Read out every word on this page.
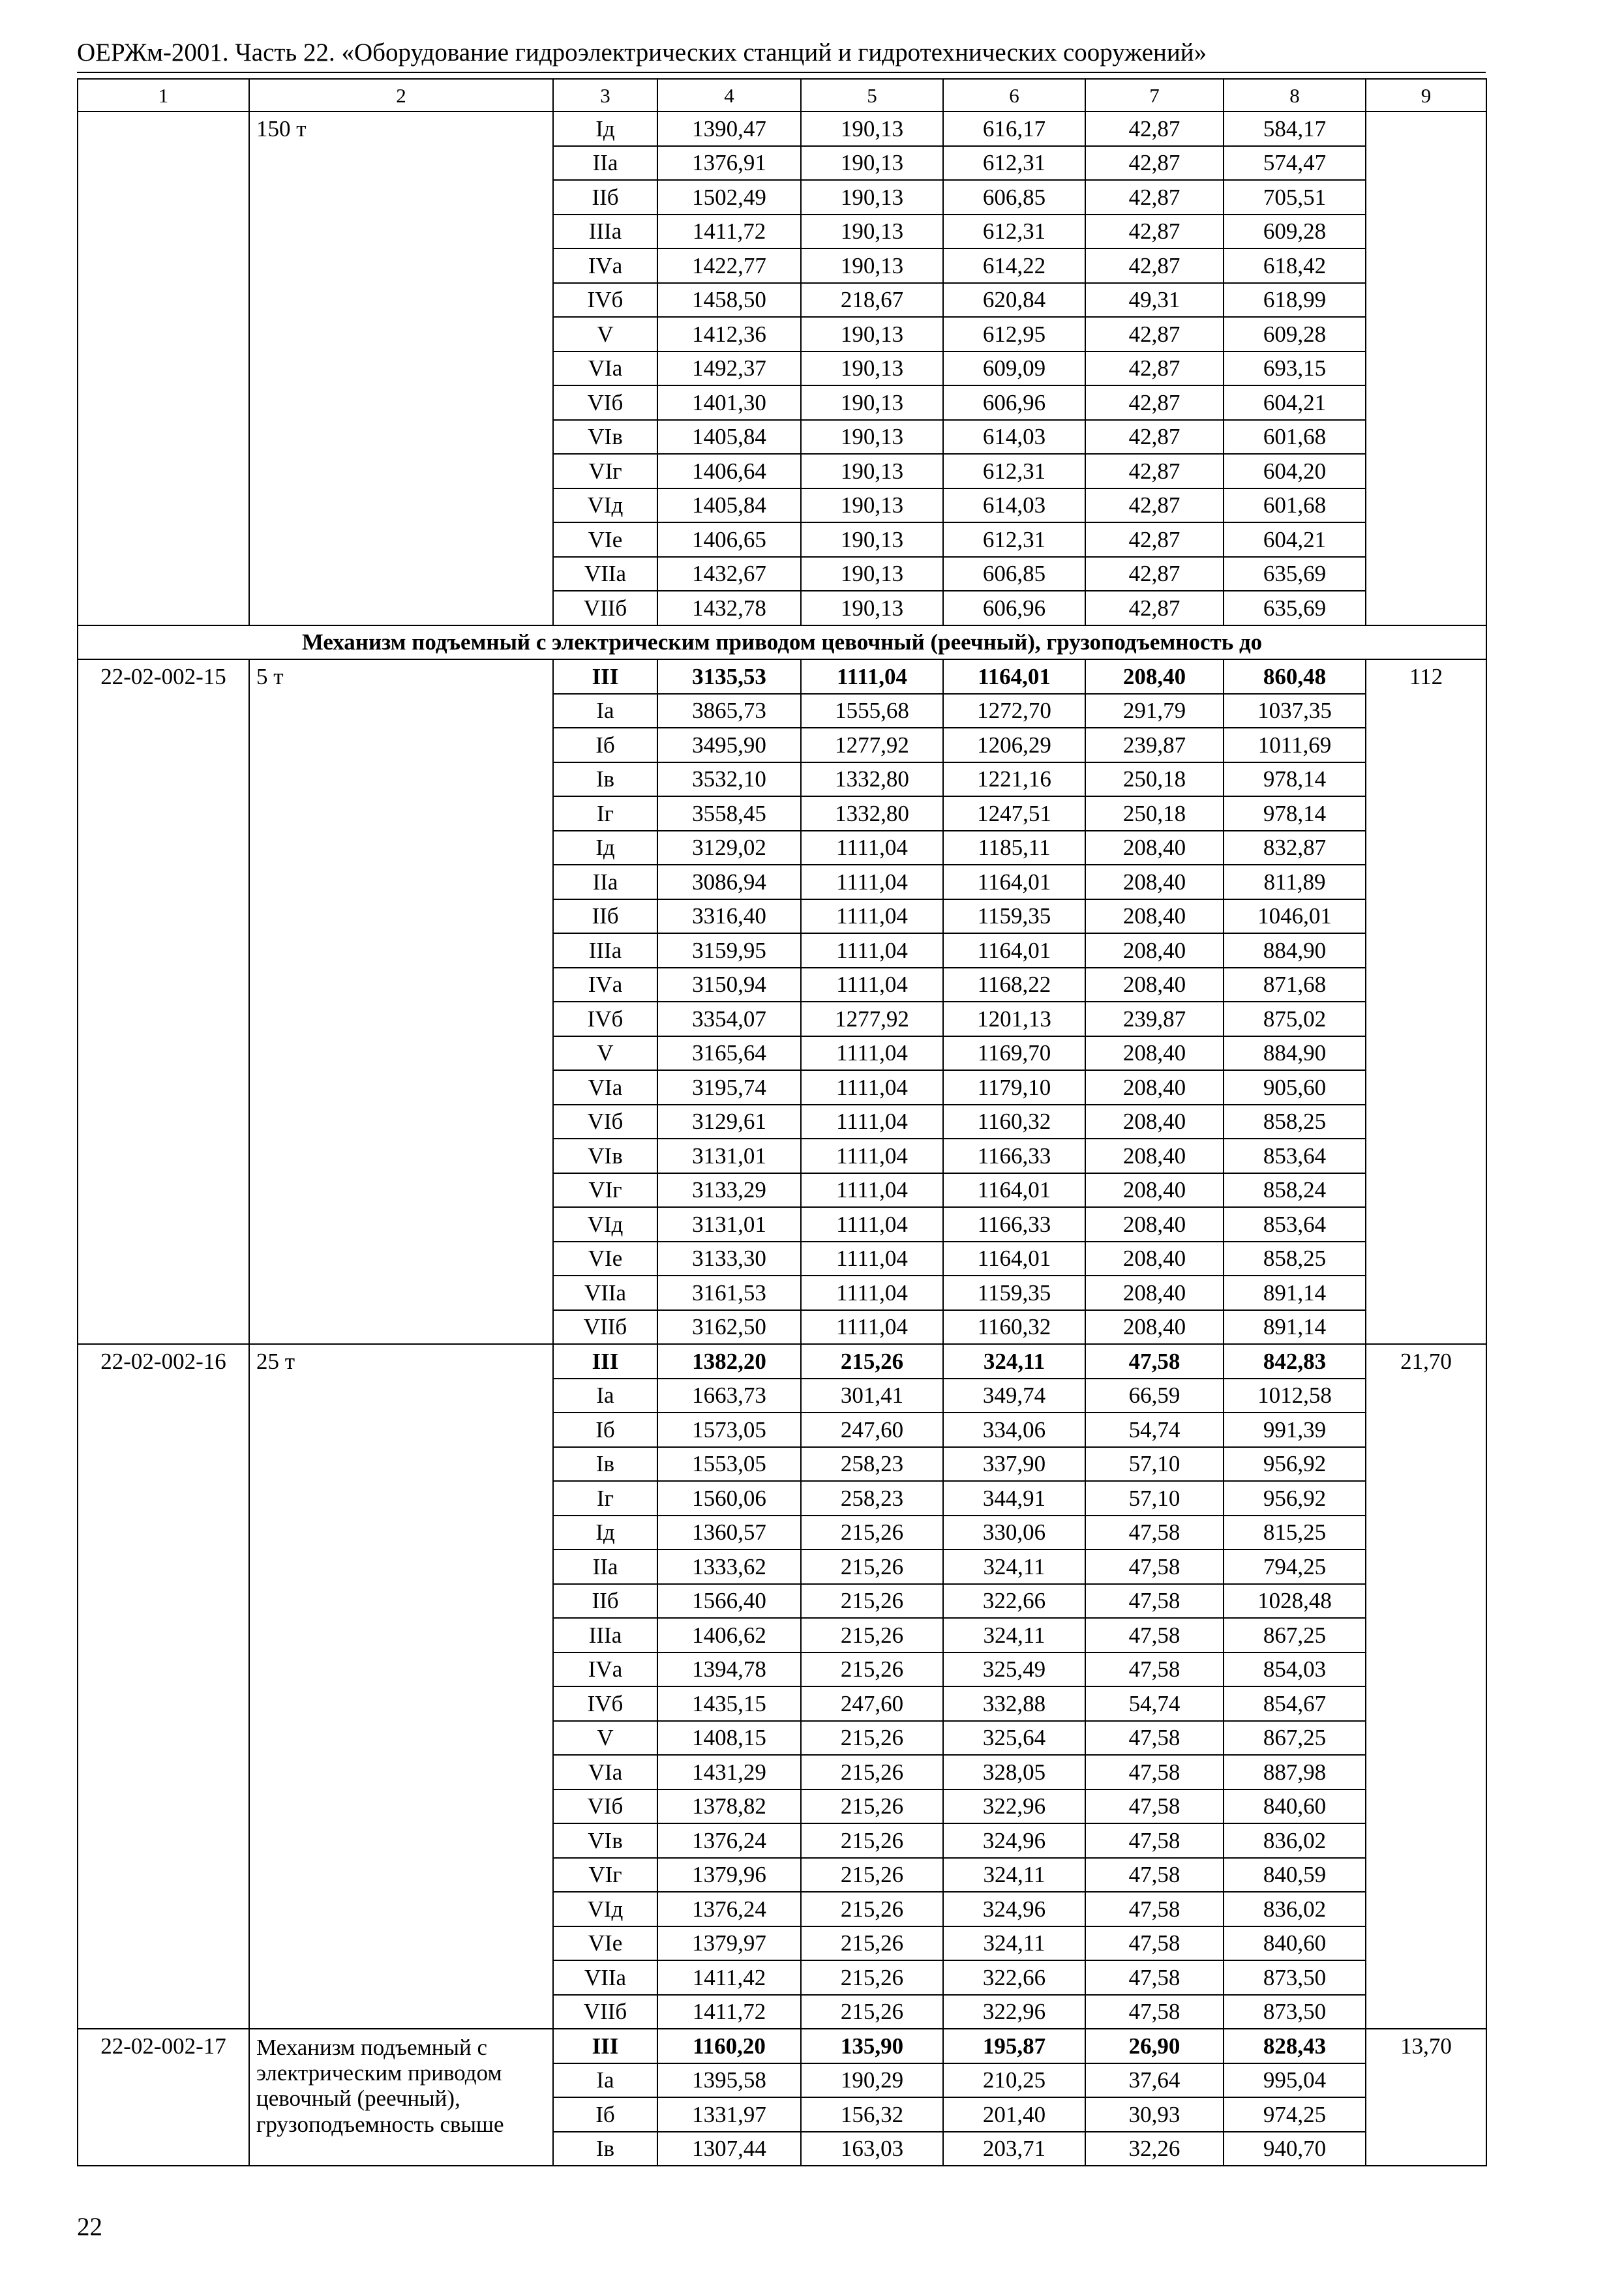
ОЕРЖм-2001. Часть 22. «Оборудование гидроэлектрических станций и гидротехнических сооружений»
1	2	3	4	5	6	7	8	9
	150 т	Iд	1390,47	190,13	616,17	42,87	584,17	
		IIа	1376,91	190,13	612,31	42,87	574,47	
		IIб	1502,49	190,13	606,85	42,87	705,51	
		IIIа	1411,72	190,13	612,31	42,87	609,28	
		IVа	1422,77	190,13	614,22	42,87	618,42	
		IVб	1458,50	218,67	620,84	49,31	618,99	
		V	1412,36	190,13	612,95	42,87	609,28	
		VIа	1492,37	190,13	609,09	42,87	693,15	
		VIб	1401,30	190,13	606,96	42,87	604,21	
		VIв	1405,84	190,13	614,03	42,87	601,68	
		VIг	1406,64	190,13	612,31	42,87	604,20	
		VIд	1405,84	190,13	614,03	42,87	601,68	
		VIе	1406,65	190,13	612,31	42,87	604,21	
		VIIа	1432,67	190,13	606,85	42,87	635,69	
		VIIб	1432,78	190,13	606,96	42,87	635,69	
Механизм подъемный с электрическим приводом цевочный (реечный), грузоподъемность до								
22-02-002-15	5 т	III	3135,53	1111,04	1164,01	208,40	860,48	112
		Iа	3865,73	1555,68	1272,70	291,79	1037,35	
		Iб	3495,90	1277,92	1206,29	239,87	1011,69	
		Iв	3532,10	1332,80	1221,16	250,18	978,14	
		Iг	3558,45	1332,80	1247,51	250,18	978,14	
		Iд	3129,02	1111,04	1185,11	208,40	832,87	
		IIа	3086,94	1111,04	1164,01	208,40	811,89	
		IIб	3316,40	1111,04	1159,35	208,40	1046,01	
		IIIа	3159,95	1111,04	1164,01	208,40	884,90	
		IVа	3150,94	1111,04	1168,22	208,40	871,68	
		IVб	3354,07	1277,92	1201,13	239,87	875,02	
		V	3165,64	1111,04	1169,70	208,40	884,90	
		VIа	3195,74	1111,04	1179,10	208,40	905,60	
		VIб	3129,61	1111,04	1160,32	208,40	858,25	
		VIв	3131,01	1111,04	1166,33	208,40	853,64	
		VIг	3133,29	1111,04	1164,01	208,40	858,24	
		VIд	3131,01	1111,04	1166,33	208,40	853,64	
		VIе	3133,30	1111,04	1164,01	208,40	858,25	
		VIIа	3161,53	1111,04	1159,35	208,40	891,14	
		VIIб	3162,50	1111,04	1160,32	208,40	891,14	
22-02-002-16	25 т	III	1382,20	215,26	324,11	47,58	842,83	21,70
		Iа	1663,73	301,41	349,74	66,59	1012,58	
		Iб	1573,05	247,60	334,06	54,74	991,39	
		Iв	1553,05	258,23	337,90	57,10	956,92	
		Iг	1560,06	258,23	344,91	57,10	956,92	
		Iд	1360,57	215,26	330,06	47,58	815,25	
		IIа	1333,62	215,26	324,11	47,58	794,25	
		IIб	1566,40	215,26	322,66	47,58	1028,48	
		IIIа	1406,62	215,26	324,11	47,58	867,25	
		IVа	1394,78	215,26	325,49	47,58	854,03	
		IVб	1435,15	247,60	332,88	54,74	854,67	
		V	1408,15	215,26	325,64	47,58	867,25	
		VIа	1431,29	215,26	328,05	47,58	887,98	
		VIб	1378,82	215,26	322,96	47,58	840,60	
		VIв	1376,24	215,26	324,96	47,58	836,02	
		VIг	1379,96	215,26	324,11	47,58	840,59	
		VIд	1376,24	215,26	324,96	47,58	836,02	
		VIе	1379,97	215,26	324,11	47,58	840,60	
		VIIа	1411,42	215,26	322,66	47,58	873,50	
		VIIб	1411,72	215,26	322,96	47,58	873,50	
22-02-002-17	Механизм подъемный с электрическим приводом цевочный (реечный), грузоподъемность свыше	III	1160,20	135,90	195,87	26,90	828,43	13,70
		Iа	1395,58	190,29	210,25	37,64	995,04	
		Iб	1331,97	156,32	201,40	30,93	974,25	
		Iв	1307,44	163,03	203,71	32,26	940,70	
22
